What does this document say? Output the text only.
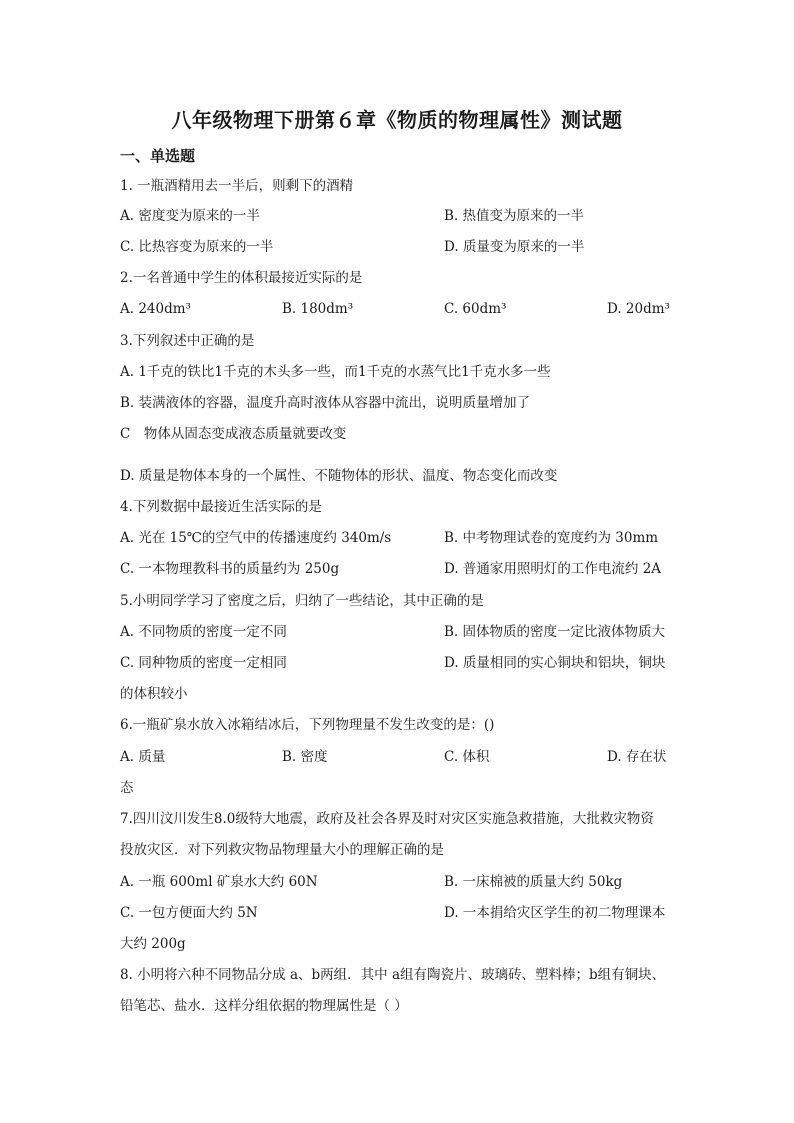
八年级物理下册第６章《物质的物理属性》测试题
一、单选题
1. 一瓶酒精用去一半后，则剩下的酒精
A. 密度变为原来的一半	B. 热值变为原来的一半
C. 比热容变为原来的一半	D. 质量变为原来的一半
2.一名普通中学生的体积最接近实际的是
A. 240dm³	B. 180dm³	C. 60dm³	D. 20dm³
3.下列叙述中正确的是
A. 1千克的铁比1千克的木头多一些，而1千克的水蒸气比1千克水多一些
B. 装满液体的容器，温度升高时液体从容器中流出，说明质量增加了
C　物体从固态变成液态质量就要改变
D. 质量是物体本身的一个属性、不随物体的形状、温度、物态变化而改变
4.下列数据中最接近生活实际的是
A. 光在 15℃的空气中的传播速度约 340m/s	B. 中考物理试卷的宽度约为 30mm
C. 一本物理教科书的质量约为 250g	D. 普通家用照明灯的工作电流约 2A
5.小明同学学习了密度之后，归纳了一些结论，其中正确的是
A. 不同物质的密度一定不同	B. 固体物质的密度一定比液体物质大
C. 同种物质的密度一定相同	D. 质量相同的实心铜块和铝块，铜块
的体积较小
6.一瓶矿泉水放入冰箱结冰后，下列物理量不发生改变的是：()
A. 质量	B. 密度	C. 体积	D. 存在状
态
7.四川汶川发生8.0级特大地震，政府及社会各界及时对灾区实施急救措施，大批救灾物资
投放灾区．对下列救灾物品物理量大小的理解正确的是
A. 一瓶 600ml 矿泉水大约 60N	B. 一床棉被的质量大约 50kg
C. 一包方便面大约 5N	D. 一本捐给灾区学生的初二物理课本
大约 200g
8. 小明将六种不同物品分成 a、b两组．其中 a组有陶瓷片、玻璃砖、塑料棒；b组有铜块、
铅笔芯、盐水．这样分组依据的物理属性是（ ）
